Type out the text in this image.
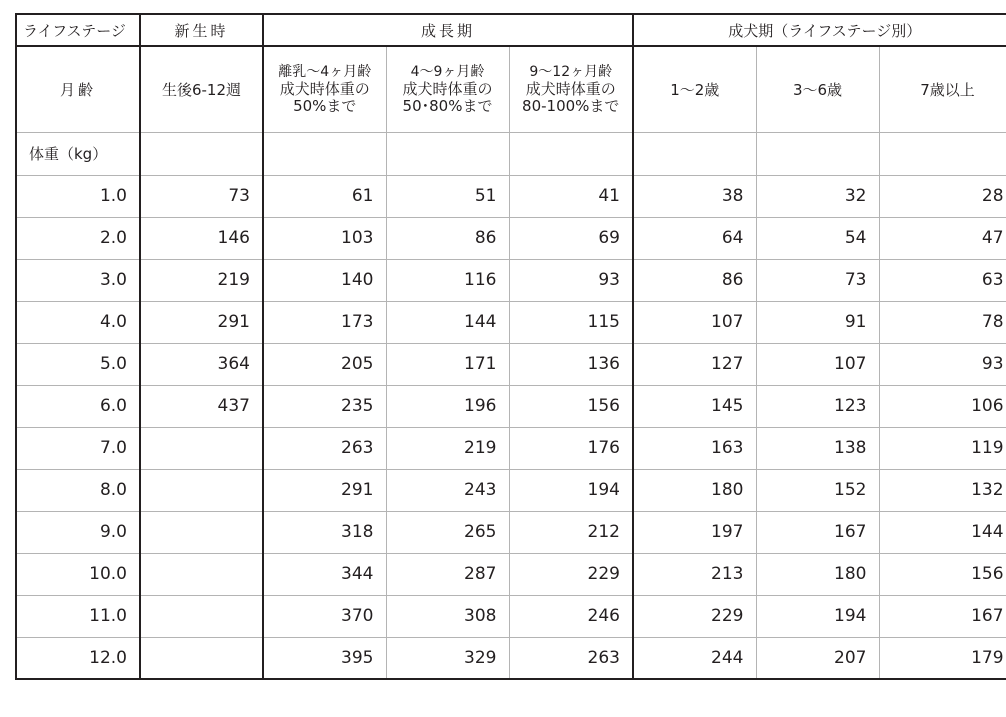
ライフステージ	新生時	成長期			成犬期（ライフステージ別）		
月齢	生後6-12週	離乳〜4ヶ月齢
成犬時体重の
50%まで	4〜9ヶ月齢
成犬時体重の
50･80%まで	9〜12ヶ月齢
成犬時体重の
80-100%まで	1〜2歳	3〜6歳	7歳以上
体重（kg）							
1.0	73	61	51	41	38	32	28
2.0	146	103	86	69	64	54	47
3.0	219	140	116	93	86	73	63
4.0	291	173	144	115	107	91	78
5.0	364	205	171	136	127	107	93
6.0	437	235	196	156	145	123	106
7.0		263	219	176	163	138	119
8.0		291	243	194	180	152	132
9.0		318	265	212	197	167	144
10.0		344	287	229	213	180	156
11.0		370	308	246	229	194	167
12.0		395	329	263	244	207	179
